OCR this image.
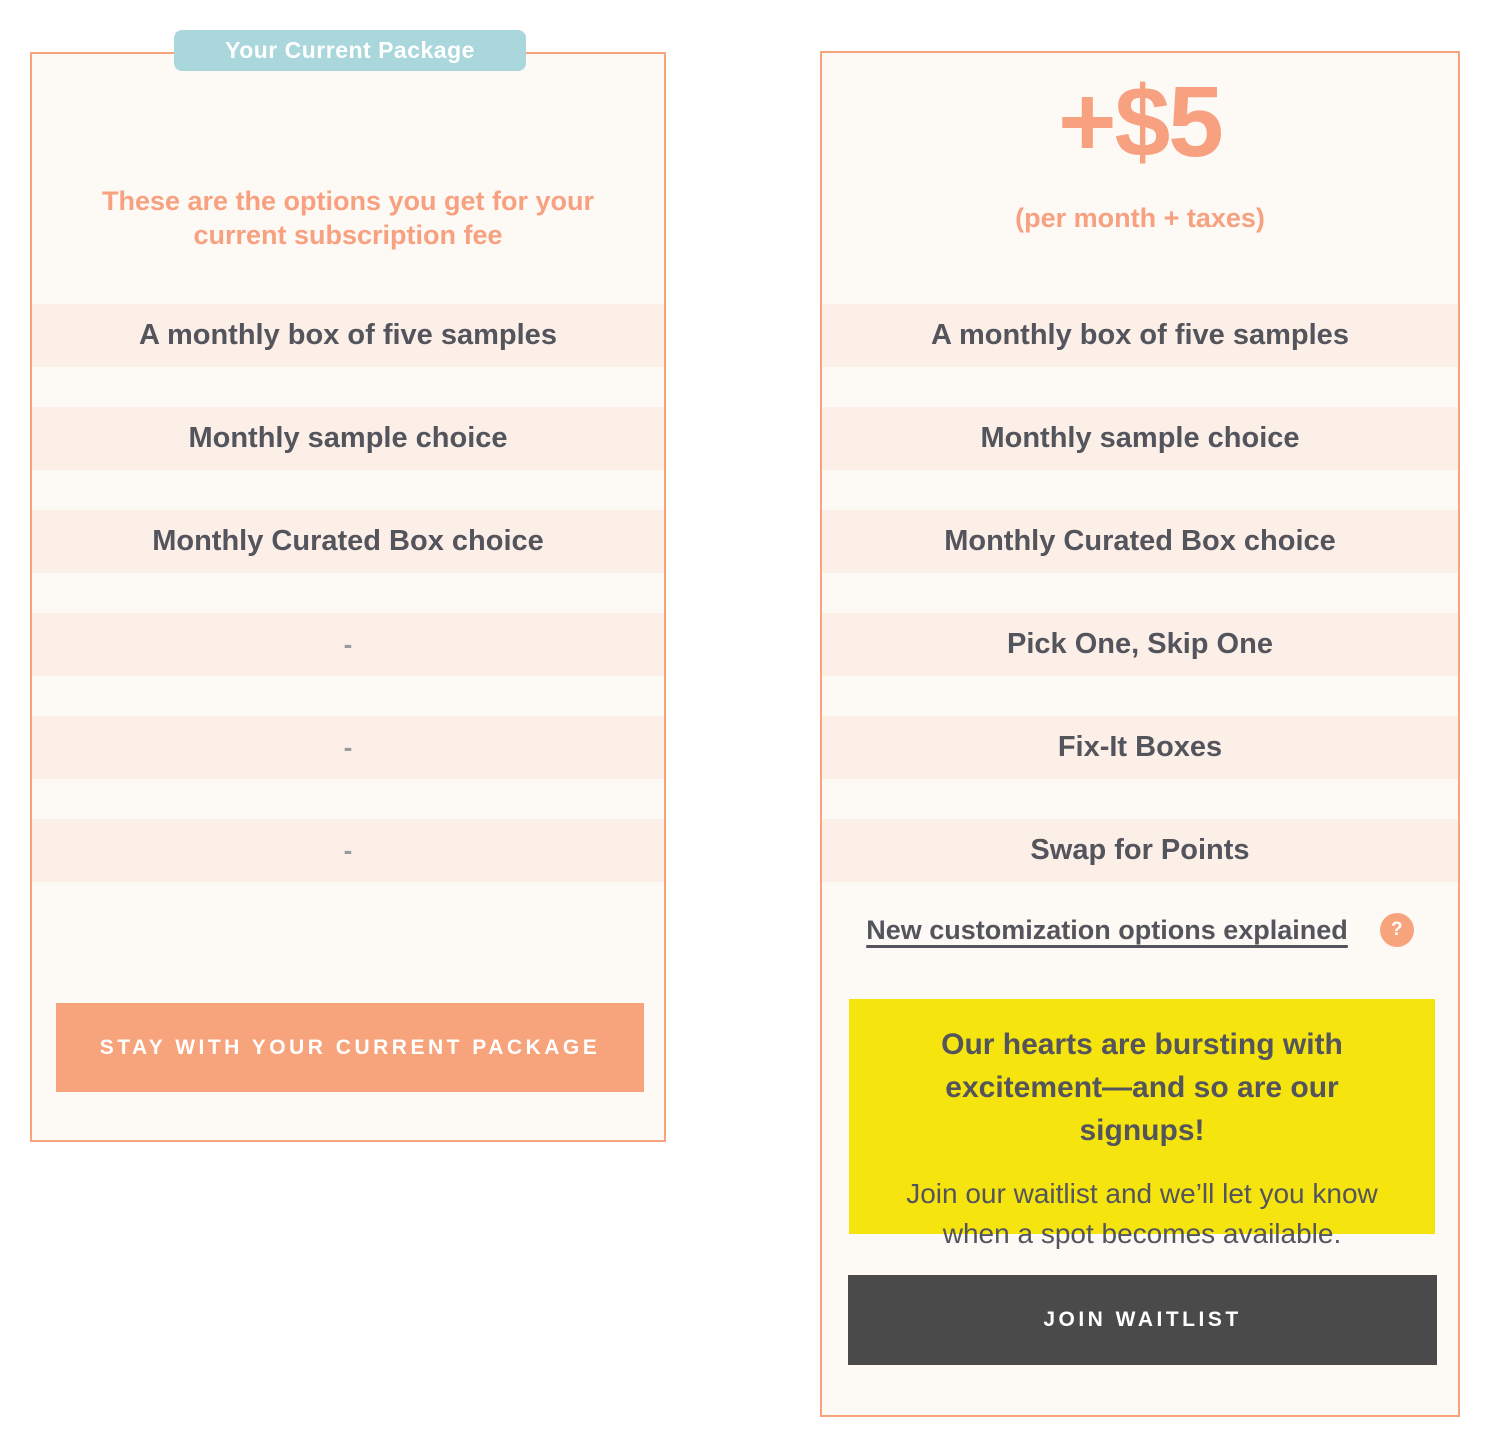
Your Current Package

These are the options you get for your current subscription fee

A monthly box of five samples
Monthly sample choice
Monthly Curated Box choice
-
-
-
STAY WITH YOUR CURRENT PACKAGE
+$5
(per month + taxes)
A monthly box of five samples
Monthly sample choice
Monthly Curated Box choice
Pick One, Skip One
Fix-It Boxes
Swap for Points
New customization options explained	?
Our hearts are bursting with excitement—and so are our signups!
Join our waitlist and we’ll let you know when a spot becomes available.
JOIN WAITLIST
